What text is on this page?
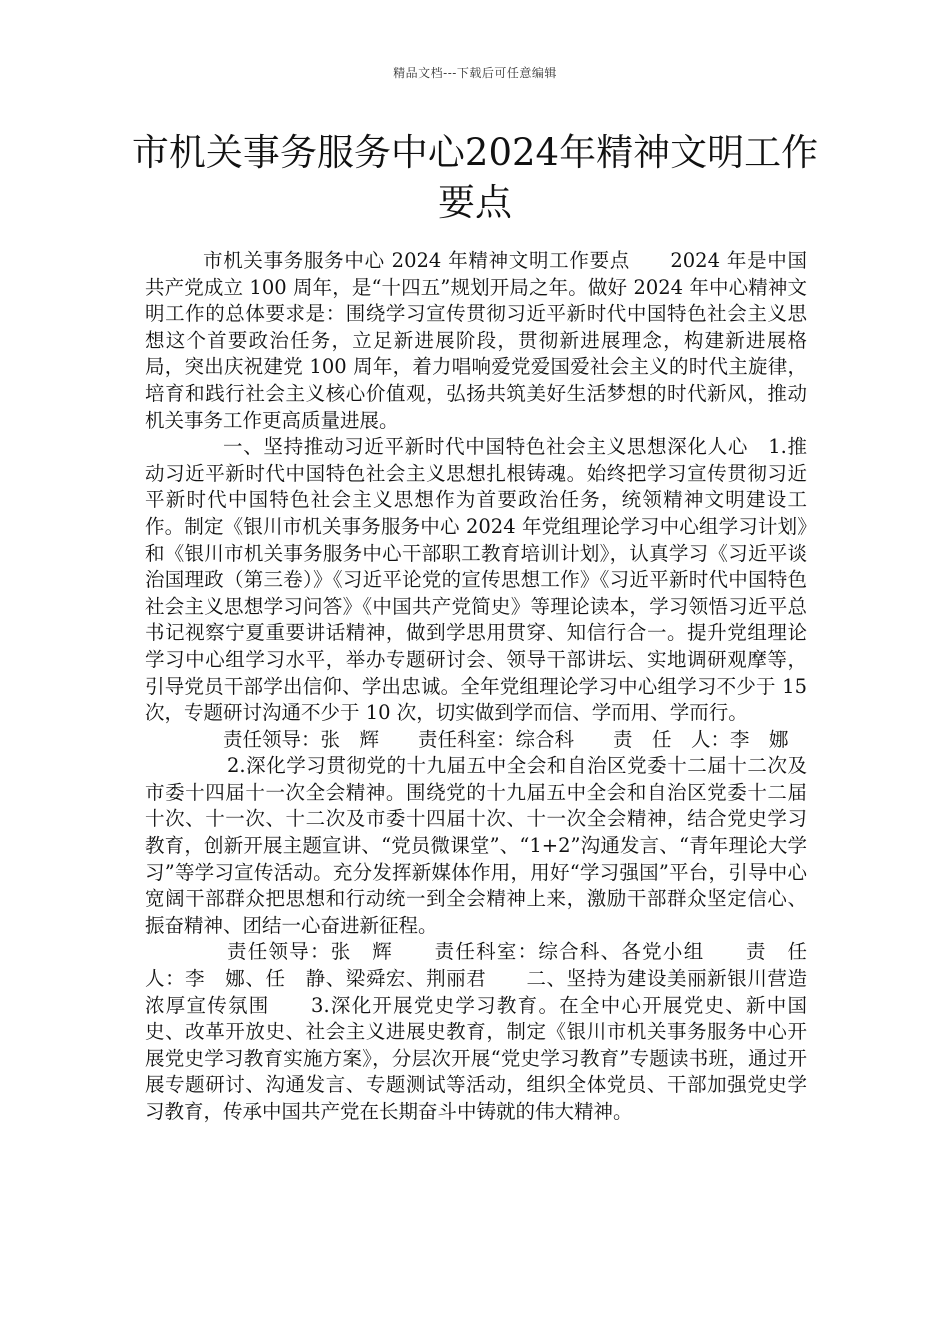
精品文档---下载后可任意编辑
市机关事务服务中心2024年精神文明工作要点

市机关事务服务中心 2024 年精神文明工作要点　　2024 年是中国共产党成立 100 周年，是“十四五”规划开局之年。做好 2024 年中心精神文明工作的总体要求是：围绕学习宣传贯彻习近平新时代中国特色社会主义思想这个首要政治任务，立足新进展阶段，贯彻新进展理念，构建新进展格局，突出庆祝建党 100 周年，着力唱响爱党爱国爱社会主义的时代主旋律，培育和践行社会主义核心价值观，弘扬共筑美好生活梦想的时代新风，推动机关事务工作更高质量进展。

一、坚持推动习近平新时代中国特色社会主义思想深化人心　1.推动习近平新时代中国特色社会主义思想扎根铸魂。始终把学习宣传贯彻习近平新时代中国特色社会主义思想作为首要政治任务，统领精神文明建设工作。制定《银川市机关事务服务中心 2024 年党组理论学习中心组学习计划》和《银川市机关事务服务中心干部职工教育培训计划》，认真学习《习近平谈治国理政（第三卷）》《习近平论党的宣传思想工作》《习近平新时代中国特色社会主义思想学习问答》《中国共产党简史》等理论读本，学习领悟习近平总书记视察宁夏重要讲话精神，做到学思用贯穿、知信行合一。提升党组理论学习中心组学习水平，举办专题研讨会、领导干部讲坛、实地调研观摩等，引导党员干部学出信仰、学出忠诚。全年党组理论学习中心组学习不少于 15 次，专题研讨沟通不少于 10 次，切实做到学而信、学而用、学而行。

责任领导：张　辉　　责任科室：综合科　　责　任　人：李　娜

2.深化学习贯彻党的十九届五中全会和自治区党委十二届十二次及市委十四届十一次全会精神。围绕党的十九届五中全会和自治区党委十二届十次、十一次、十二次及市委十四届十次、十一次全会精神，结合党史学习教育，创新开展主题宣讲、“党员微课堂”、“1+2”沟通发言、“青年理论大学习”等学习宣传活动。充分发挥新媒体作用，用好“学习强国”平台，引导中心宽阔干部群众把思想和行动统一到全会精神上来，激励干部群众坚定信心、振奋精神、团结一心奋进新征程。

责任领导：张　辉　　责任科室：综合科、各党小组　　责　任　人：李　娜、任　静、梁舜宏、荆丽君　　二、坚持为建设美丽新银川营造浓厚宣传氛围　　3.深化开展党史学习教育。在全中心开展党史、新中国史、改革开放史、社会主义进展史教育，制定《银川市机关事务服务中心开展党史学习教育实施方案》，分层次开展“党史学习教育”专题读书班，通过开展专题研讨、沟通发言、专题测试等活动，组织全体党员、干部加强党史学习教育，传承中国共产党在长期奋斗中铸就的伟大精神。
